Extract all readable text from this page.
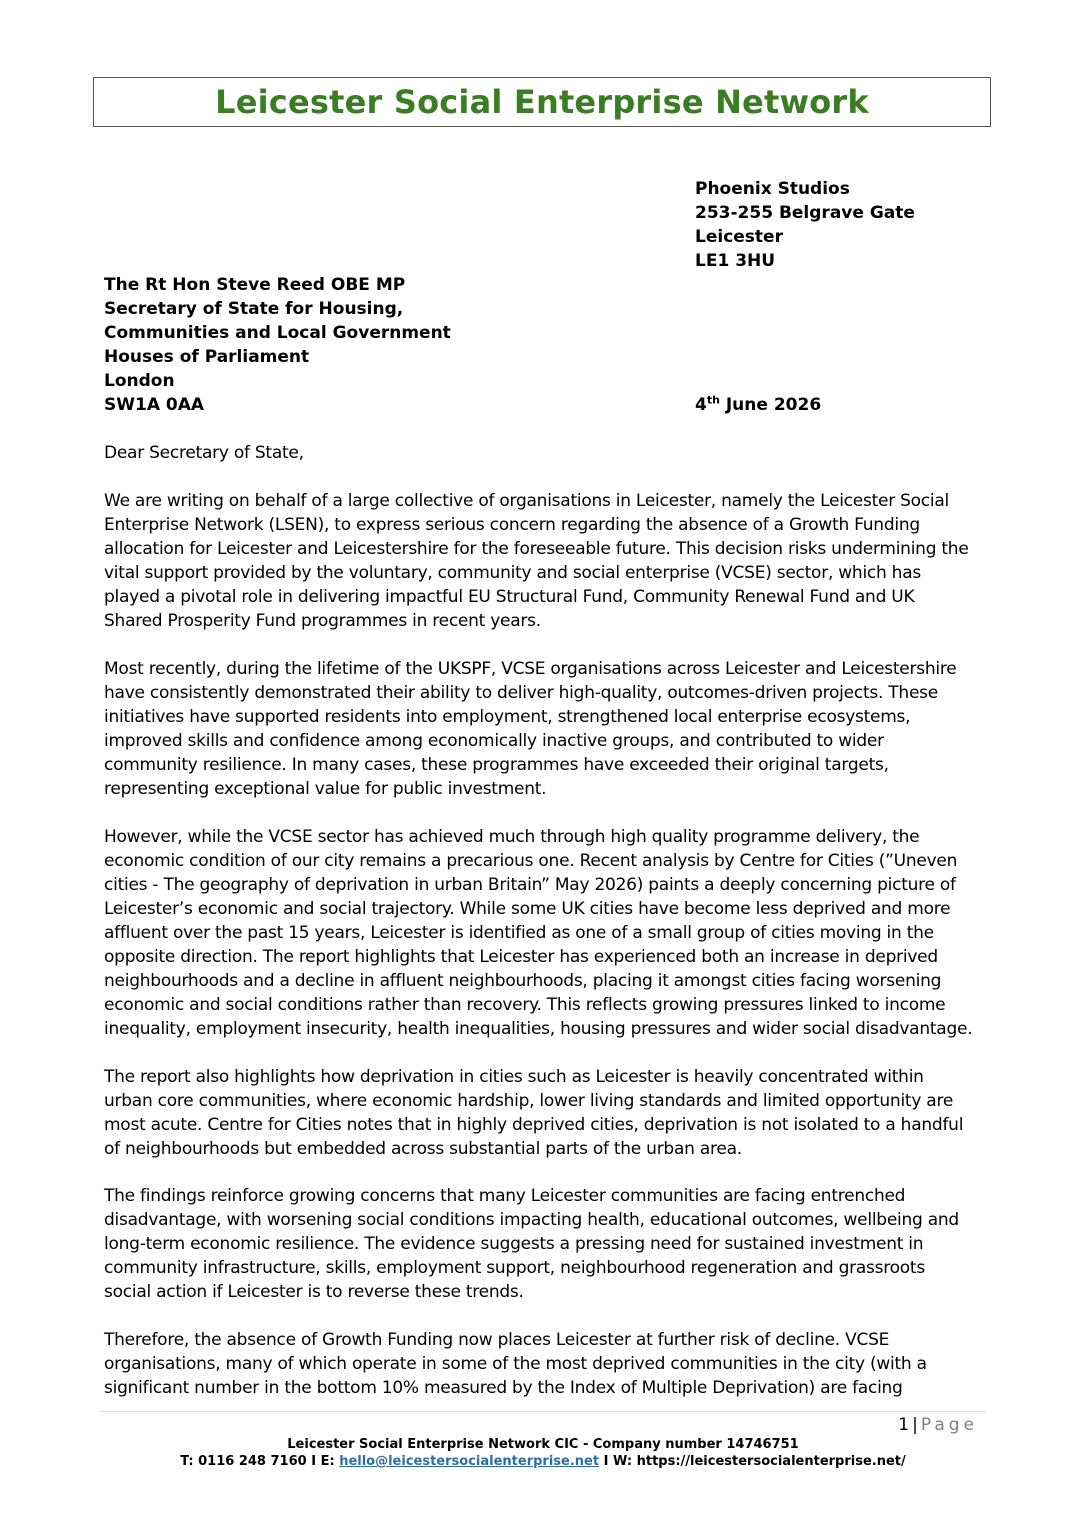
Leicester Social Enterprise Network
Phoenix Studios
253-255 Belgrave Gate
Leicester
LE1 3HU
The Rt Hon Steve Reed OBE MP
Secretary of State for Housing,
Communities and Local Government
Houses of Parliament
London
SW1A 0AA	4th June 2026

Dear Secretary of State,

We are writing on behalf of a large collective of organisations in Leicester, namely the Leicester Social

Enterprise Network (LSEN), to express serious concern regarding the absence of a Growth Funding

allocation for Leicester and Leicestershire for the foreseeable future. This decision risks undermining the

vital support provided by the voluntary, community and social enterprise (VCSE) sector, which has

played a pivotal role in delivering impactful EU Structural Fund, Community Renewal Fund and UK

Shared Prosperity Fund programmes in recent years.

Most recently, during the lifetime of the UKSPF, VCSE organisations across Leicester and Leicestershire

have consistently demonstrated their ability to deliver high-quality, outcomes-driven projects. These

initiatives have supported residents into employment, strengthened local enterprise ecosystems,

improved skills and confidence among economically inactive groups, and contributed to wider

community resilience. In many cases, these programmes have exceeded their original targets,

representing exceptional value for public investment.

However, while the VCSE sector has achieved much through high quality programme delivery, the

economic condition of our city remains a precarious one. Recent analysis by Centre for Cities (”Uneven

cities - The geography of deprivation in urban Britain” May 2026) paints a deeply concerning picture of

Leicester’s economic and social trajectory. While some UK cities have become less deprived and more

affluent over the past 15 years, Leicester is identified as one of a small group of cities moving in the

opposite direction. The report highlights that Leicester has experienced both an increase in deprived

neighbourhoods and a decline in affluent neighbourhoods, placing it amongst cities facing worsening

economic and social conditions rather than recovery. This reflects growing pressures linked to income

inequality, employment insecurity, health inequalities, housing pressures and wider social disadvantage.

The report also highlights how deprivation in cities such as Leicester is heavily concentrated within

urban core communities, where economic hardship, lower living standards and limited opportunity are

most acute. Centre for Cities notes that in highly deprived cities, deprivation is not isolated to a handful

of neighbourhoods but embedded across substantial parts of the urban area.

The findings reinforce growing concerns that many Leicester communities are facing entrenched

disadvantage, with worsening social conditions impacting health, educational outcomes, wellbeing and

long-term economic resilience. The evidence suggests a pressing need for sustained investment in

community infrastructure, skills, employment support, neighbourhood regeneration and grassroots

social action if Leicester is to reverse these trends.

Therefore, the absence of Growth Funding now places Leicester at further risk of decline. VCSE

organisations, many of which operate in some of the most deprived communities in the city (with a

significant number in the bottom 10% measured by the Index of Multiple Deprivation) are facing

1 | Page
Leicester Social Enterprise Network CIC - Company number 14746751
T: 0116 248 7160 I E: hello@leicestersocialenterprise.net I W: https://leicestersocialenterprise.net/
